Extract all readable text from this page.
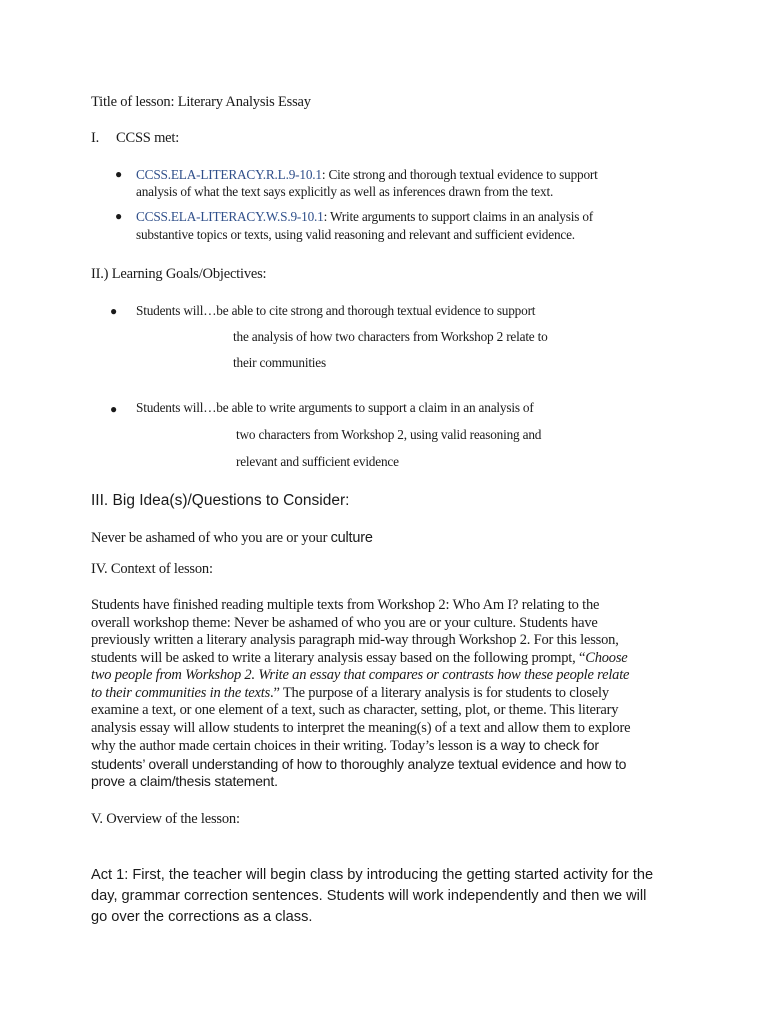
Title of lesson: Literary Analysis Essay
I. CCSS met:
● CCSS.ELA-LITERACY.R.L.9-10.1: Cite strong and thorough textual evidence to support
analysis of what the text says explicitly as well as inferences drawn from the text.
● CCSS.ELA-LITERACY.W.S.9-10.1: Write arguments to support claims in an analysis of
substantive topics or texts, using valid reasoning and relevant and sufficient evidence.
II.) Learning Goals/Objectives:
● Students will…be able to cite strong and thorough textual evidence to support
the analysis of how two characters from Workshop 2 relate to
their communities
● Students will…be able to write arguments to support a claim in an analysis of
two characters from Workshop 2, using valid reasoning and
relevant and sufficient evidence
III. Big Idea(s)/Questions to Consider:
Never be ashamed of who you are or your culture
IV. Context of lesson:
Students have finished reading multiple texts from Workshop 2: Who Am I? relating to the
overall workshop theme: Never be ashamed of who you are or your culture. Students have
previously written a literary analysis paragraph mid-way through Workshop 2. For this lesson,
students will be asked to write a literary analysis essay based on the following prompt, “Choose
two people from Workshop 2. Write an essay that compares or contrasts how these people relate
to their communities in the texts.” The purpose of a literary analysis is for students to closely
examine a text, or one element of a text, such as character, setting, plot, or theme. This literary
analysis essay will allow students to interpret the meaning(s) of a text and allow them to explore
why the author made certain choices in their writing. Today’s lesson is a way to check for
students’ overall understanding of how to thoroughly analyze textual evidence and how to
prove a claim/thesis statement.
V. Overview of the lesson:
Act 1: First, the teacher will begin class by introducing the getting started activity for the
day, grammar correction sentences. Students will work independently and then we will
go over the corrections as a class.
